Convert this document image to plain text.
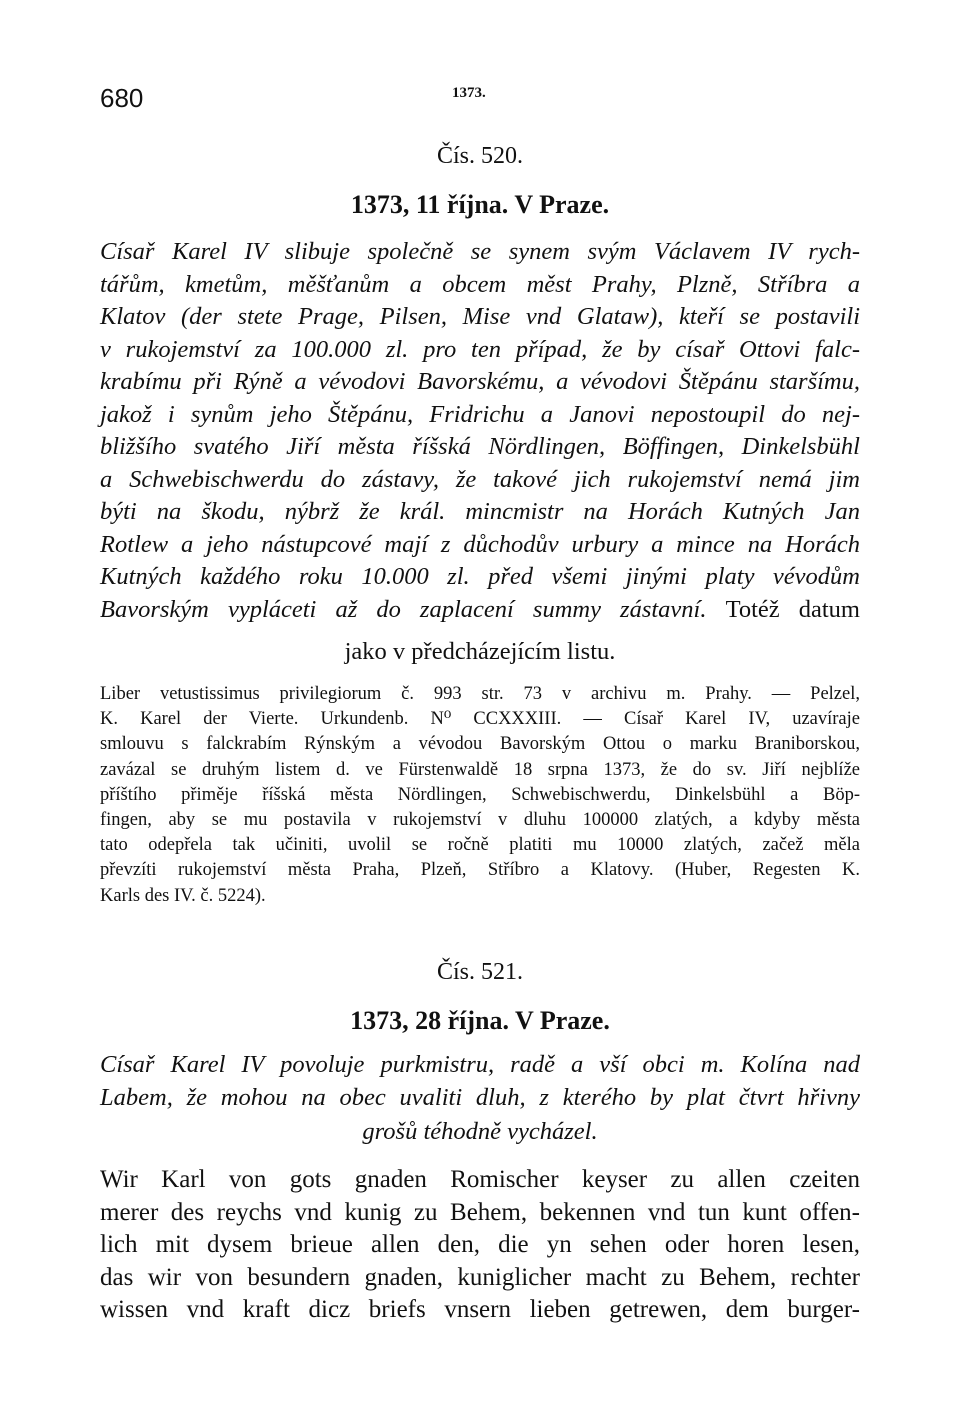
680	1373.
Čís. 520.
1373, 11 října. V Praze.
Císař Karel IV slibuje společně se synem svým Václavem IV rych-
tářům, kmetům, měšťanům a obcem měst Prahy, Plzně, Stříbra a
Klatov (der stete Prage, Pilsen, Mise vnd Glataw), kteří se postavili
v rukojemství za 100.000 zl. pro ten případ, že by císař Ottovi falc-
krabímu při Rýně a vévodovi Bavorskému, a vévodovi Štěpánu staršímu,
jakož i synům jeho Štěpánu, Fridrichu a Janovi nepostoupil do nej-
bližšího svatého Jiří města říšská Nördlingen, Böffingen, Dinkelsbühl
a Schwebischwerdu do zástavy, že takové jich rukojemství nemá jim
býti na škodu, nýbrž že král. mincmistr na Horách Kutných Jan
Rotlew a jeho nástupcové mají z důchodův urbury a mince na Horách
Kutných každého roku 10.000 zl. před všemi jinými platy vévodům
Bavorským vypláceti až do zaplacení summy zástavní. Totéž datum
jako v předcházejícím listu.
Liber vetustissimus privilegiorum č. 993 str. 73 v archivu m. Prahy. — Pelzel,
K. Karel der Vierte. Urkundenb. N⁰ CCXXXIII. — Císař Karel IV, uzavíraje
smlouvu s falckrabím Rýnským a vévodou Bavorským Ottou o marku Braniborskou,
zavázal se druhým listem d. ve Fürstenwaldě 18 srpna 1373, že do sv. Jiří nejblíže
příštího přiměje říšská města Nördlingen, Schwebischwerdu, Dinkelsbühl a Böp-
fingen, aby se mu postavila v rukojemství v dluhu 100000 zlatých, a kdyby města
tato odepřela tak učiniti, uvolil se ročně platiti mu 10000 zlatých, začež měla
převzíti rukojemství města Praha, Plzeň, Stříbro a Klatovy. (Huber, Regesten K.
Karls des IV. č. 5224).
Čís. 521.
1373, 28 října. V Praze.
Císař Karel IV povoluje purkmistru, radě a vší obci m. Kolína nad
Labem, že mohou na obec uvaliti dluh, z kterého by plat čtvrt hřivny
grošů téhodně vycházel.
Wir Karl von gots gnaden Romischer keyser zu allen czeiten
merer des reychs vnd kunig zu Behem, bekennen vnd tun kunt offen-
lich mit dysem brieue allen den, die yn sehen oder horen lesen,
das wir von besundern gnaden, kuniglicher macht zu Behem, rechter
wissen vnd kraft dicz briefs vnsern lieben getrewen, dem burger-
